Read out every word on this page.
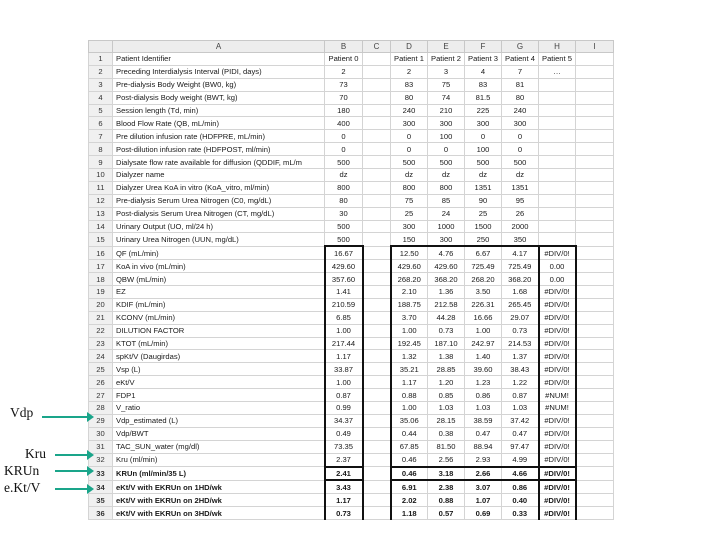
	A	B	C	D	E	F	G	H	I
1	Patient Identifier	Patient 0		Patient 1	Patient 2	Patient 3	Patient 4	Patient 5	
2	Preceding Interdialysis Interval (PIDI, days)	2		2	3	4	7	…	
3	Pre-dialysis Body Weight (BW0, kg)	73		83	75	83	81		
4	Post-dialysis Body weight (BWT, kg)	70		80	74	81.5	80		
5	Session length (Td, min)	180		240	210	225	240		
6	Blood Flow Rate (QB, mL/min)	400		300	300	300	300		
7	Pre dilution infusion rate (HDFPRE, mL/min)	0		0	100	0	0		
8	Post-dilution infusion rate (HDFPOST, ml/min)	0		0	0	100	0		
9	Dialysate flow rate available for diffusion (QDDIF, mL/m	500		500	500	500	500		
10	Dialyzer name	dz		dz	dz	dz	dz		
11	Dialyzer Urea KoA in vitro (KoA_vitro, ml/min)	800		800	800	1351	1351		
12	Pre-dialysis Serum Urea Nitrogen (C0, mg/dL)	80		75	85	90	95		
13	Post-dialysis Serum Urea Nitrogen (CT, mg/dL)	30		25	24	25	26		
14	Urinary Output (UO, ml/24 h)	500		300	1000	1500	2000		
15	Urinary Urea Nitrogen (UUN, mg/dL)	500		150	300	250	350		
16	QF (mL/min)	16.67		12.50	4.76	6.67	4.17	#DIV/0!	
17	KoA in vivo (mL/min)	429.60		429.60	429.60	725.49	725.49	0.00	
18	QBW (mL/min)	357.60		268.20	368.20	268.20	368.20	0.00	
19	EZ	1.41		2.10	1.36	3.50	1.68	#DIV/0!	
20	KDIF (mL/min)	210.59		188.75	212.58	226.31	265.45	#DIV/0!	
21	KCONV (mL/min)	6.85		3.70	44.28	16.66	29.07	#DIV/0!	
22	DILUTION FACTOR	1.00		1.00	0.73	1.00	0.73	#DIV/0!	
23	KTOT (mL/min)	217.44		192.45	187.10	242.97	214.53	#DIV/0!	
24	spKt/V (Daugirdas)	1.17		1.32	1.38	1.40	1.37	#DIV/0!	
25	Vsp (L)	33.87		35.21	28.85	39.60	38.43	#DIV/0!	
26	eKt/V	1.00		1.17	1.20	1.23	1.22	#DIV/0!	
27	FDP1	0.87		0.88	0.85	0.86	0.87	#NUM!	
28	V_ratio	0.99		1.00	1.03	1.03	1.03	#NUM!	
29	Vdp_estimated (L)	34.37		35.06	28.15	38.59	37.42	#DIV/0!	
30	Vdp/BWT	0.49		0.44	0.38	0.47	0.47	#DIV/0!	
31	TAC_SUN_water (mg/dl)	73.35		67.85	81.50	88.94	97.47	#DIV/0!	
32	Kru (ml/min)	2.37		0.46	2.56	2.93	4.99	#DIV/0!	
33	KRUn (ml/min/35 L)	2.41		0.46	3.18	2.66	4.66	#DIV/0!	
34	eKt/V with EKRUn on 1HD/wk	3.43		6.91	2.38	3.07	0.86	#DIV/0!	
35	eKt/V with EKRUn on 2HD/wk	1.17		2.02	0.88	1.07	0.40	#DIV/0!	
36	eKt/V with EKRUn on 3HD/wk	0.73		1.18	0.57	0.69	0.33	#DIV/0!	
Vdp
Kru
KRUn
e.Kt/V
